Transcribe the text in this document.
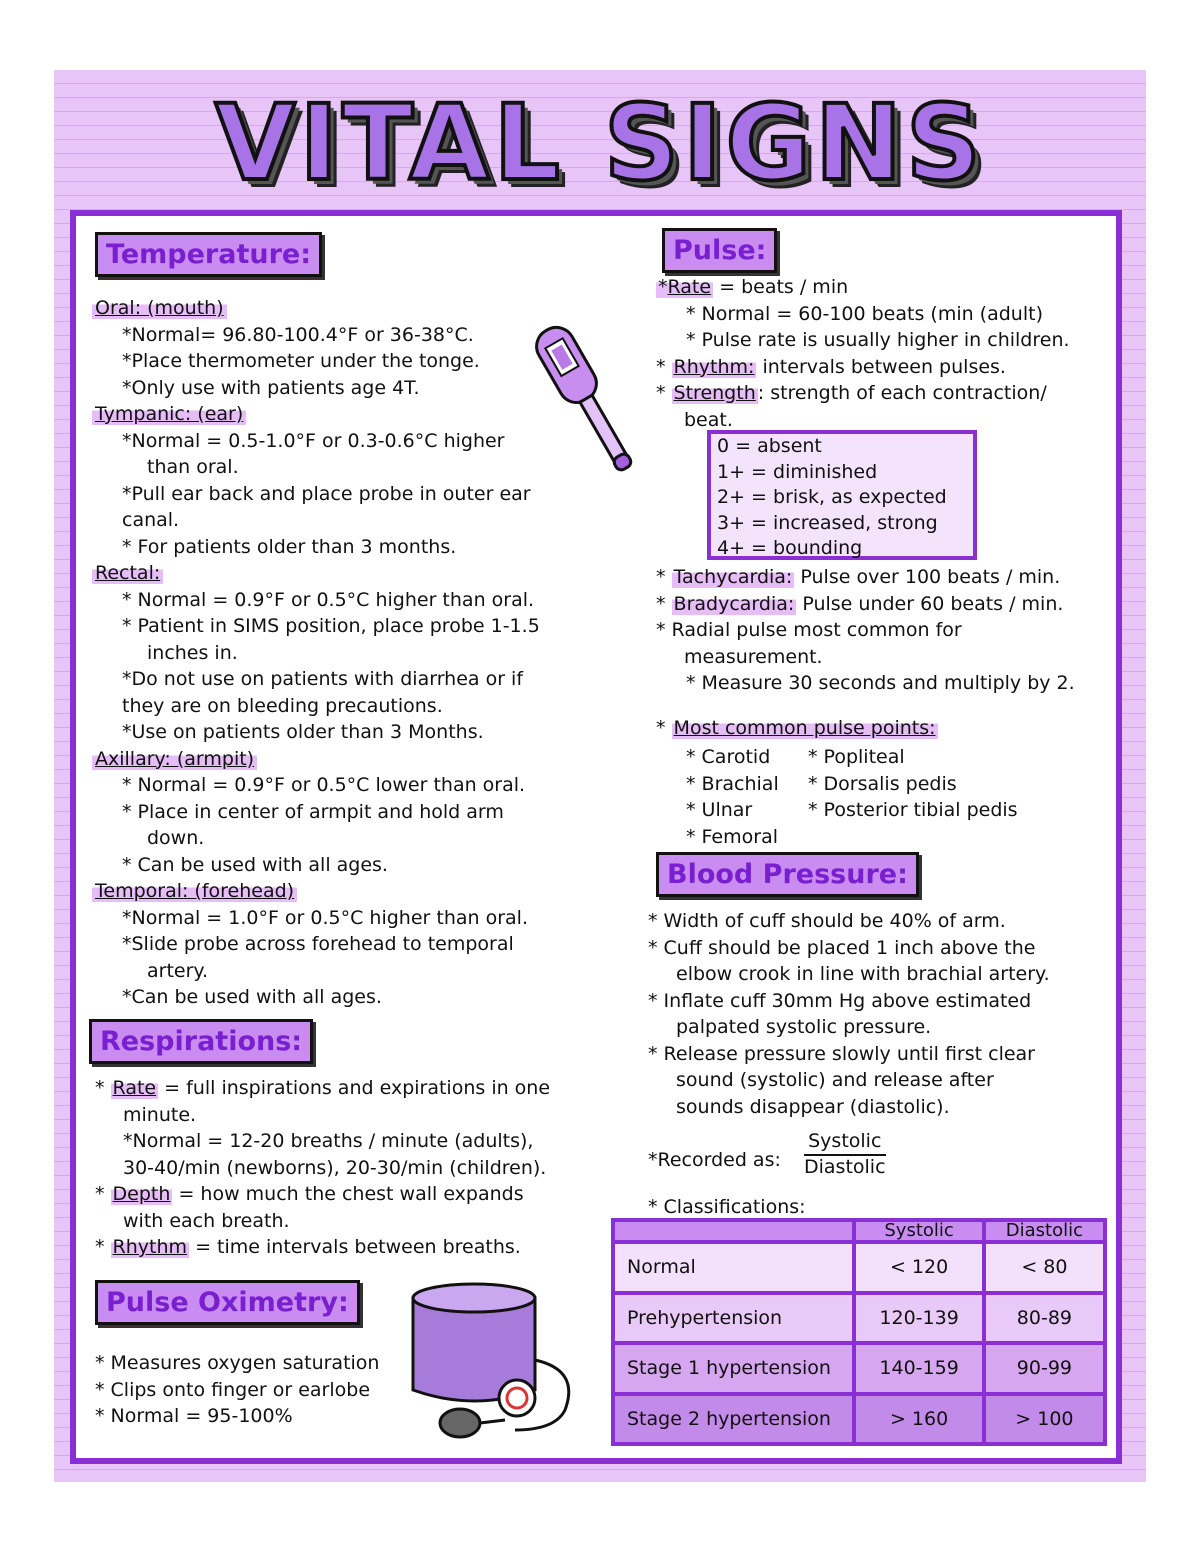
VITAL SIGNS
Temperature:

Oral: (mouth)

*Normal= 96.80-100.4°F or 36-38°C.

*Place thermometer under the tonge.

*Only use with patients age 4T.

Tympanic: (ear)

*Normal = 0.5-1.0°F or 0.3-0.6°C higher

than oral.

*Pull ear back and place probe in outer ear

canal.

* For patients older than 3 months.

Rectal:

* Normal = 0.9°F or 0.5°C higher than oral.

* Patient in SIMS position, place probe 1-1.5

inches in.

*Do not use on patients with diarrhea or if

they are on bleeding precautions.

*Use on patients older than 3 Months.

Axillary: (armpit)

* Normal = 0.9°F or 0.5°C lower than oral.

* Place in center of armpit and hold arm

down.

* Can be used with all ages.

Temporal: (forehead)

*Normal = 1.0°F or 0.5°C higher than oral.

*Slide probe across forehead to temporal

artery.

*Can be used with all ages.

Respirations:

* Rate = full inspirations and expirations in one

minute.

*Normal = 12-20 breaths / minute (adults),

30-40/min (newborns), 20-30/min (children).

* Depth = how much the chest wall expands

with each breath.

* Rhythm = time intervals between breaths.

Pulse Oximetry:

* Measures oxygen saturation

* Clips onto finger or earlobe

* Normal = 95-100%

Pulse:

*Rate = beats / min

* Normal = 60-100 beats (min (adult)

* Pulse rate is usually higher in children.

* Rhythm: intervals between pulses.

* Strength : strength of each contraction/

beat.

0 = absent
1+ = diminished
2+ = brisk, as expected
3+ = increased, strong
4+ = bounding

* Tachycardia: Pulse over 100 beats / min.

* Bradycardia: Pulse under 60 beats / min.

* Radial pulse most common for

measurement.

* Measure 30 seconds and multiply by 2.

* Most common pulse points:

* Carotid

* Brachial

* Ulnar

* Femoral

* Popliteal

* Dorsalis pedis

* Posterior tibial pedis

Blood Pressure:

* Width of cuff should be 40% of arm.

* Cuff should be placed 1 inch above the

elbow crook in line with brachial artery.

* Inflate cuff 30mm Hg above estimated

palpated systolic pressure.

* Release pressure slowly until first clear

sound (systolic) and release after

sounds disappear (diastolic).

*Recorded as:
Systolic
Diastolic
* Classifications:
	Systolic	Diastolic
Normal	< 120	< 80
Prehypertension	120-139	80-89
Stage 1 hypertension	140-159	90-99
Stage 2 hypertension	> 160	> 100
